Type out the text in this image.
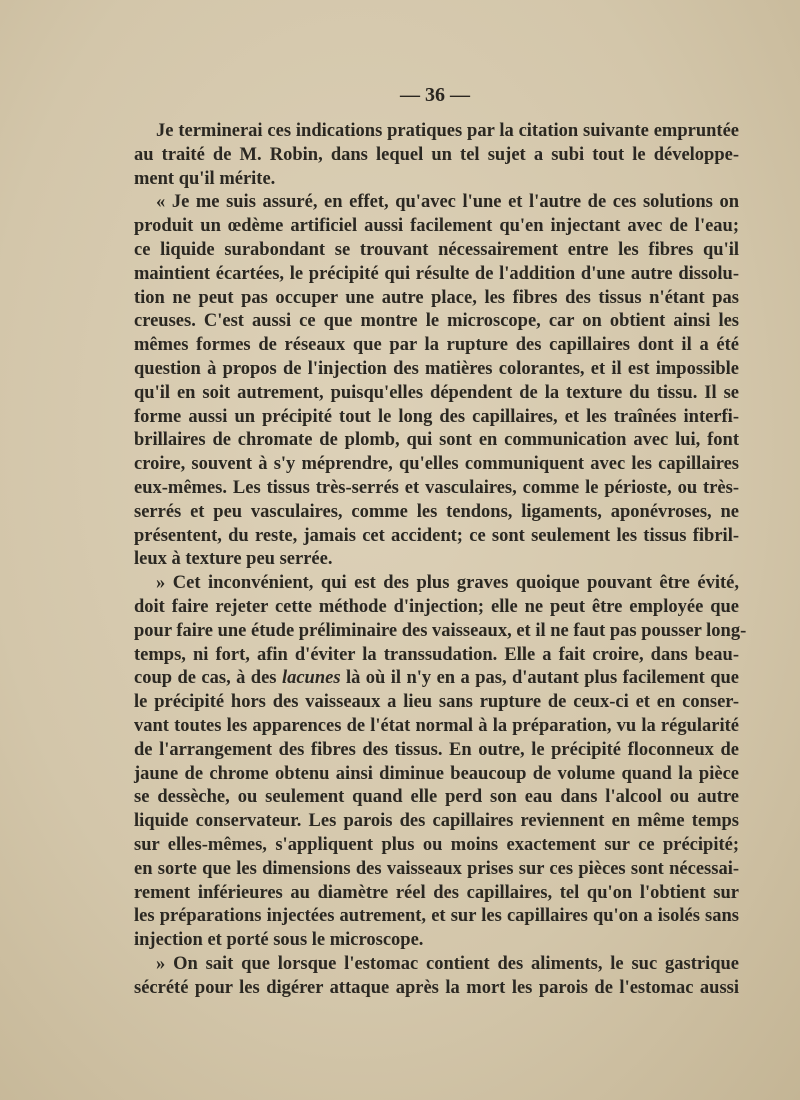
— 36 —
Je terminerai ces indications pratiques par la citation suivante empruntée
au traité de M. Robin, dans lequel un tel sujet a subi tout le développe-
ment qu'il mérite.
« Je me suis assuré, en effet, qu'avec l'une et l'autre de ces solutions on
produit un œdème artificiel aussi facilement qu'en injectant avec de l'eau;
ce liquide surabondant se trouvant nécessairement entre les fibres qu'il
maintient écartées, le précipité qui résulte de l'addition d'une autre dissolu-
tion ne peut pas occuper une autre place, les fibres des tissus n'étant pas
creuses. C'est aussi ce que montre le microscope, car on obtient ainsi les
mêmes formes de réseaux que par la rupture des capillaires dont il a été
question à propos de l'injection des matières colorantes, et il est impossible
qu'il en soit autrement, puisqu'elles dépendent de la texture du tissu. Il se
forme aussi un précipité tout le long des capillaires, et les traînées interfi-
brillaires de chromate de plomb, qui sont en communication avec lui, font
croire, souvent à s'y méprendre, qu'elles communiquent avec les capillaires
eux-mêmes. Les tissus très-serrés et vasculaires, comme le périoste, ou très-
serrés et peu vasculaires, comme les tendons, ligaments, aponévroses, ne
présentent, du reste, jamais cet accident; ce sont seulement les tissus fibril-
leux à texture peu serrée.
» Cet inconvénient, qui est des plus graves quoique pouvant être évité,
doit faire rejeter cette méthode d'injection; elle ne peut être employée que
pour faire une étude préliminaire des vaisseaux, et il ne faut pas pousser long-
temps, ni fort, afin d'éviter la transsudation. Elle a fait croire, dans beau-
coup de cas, à des lacunes là où il n'y en a pas, d'autant plus facilement que
le précipité hors des vaisseaux a lieu sans rupture de ceux-ci et en conser-
vant toutes les apparences de l'état normal à la préparation, vu la régularité
de l'arrangement des fibres des tissus. En outre, le précipité floconneux de
jaune de chrome obtenu ainsi diminue beaucoup de volume quand la pièce
se dessèche, ou seulement quand elle perd son eau dans l'alcool ou autre
liquide conservateur. Les parois des capillaires reviennent en même temps
sur elles-mêmes, s'appliquent plus ou moins exactement sur ce précipité;
en sorte que les dimensions des vaisseaux prises sur ces pièces sont nécessai-
rement inférieures au diamètre réel des capillaires, tel qu'on l'obtient sur
les préparations injectées autrement, et sur les capillaires qu'on a isolés sans
injection et porté sous le microscope.
» On sait que lorsque l'estomac contient des aliments, le suc gastrique
sécrété pour les digérer attaque après la mort les parois de l'estomac aussi
